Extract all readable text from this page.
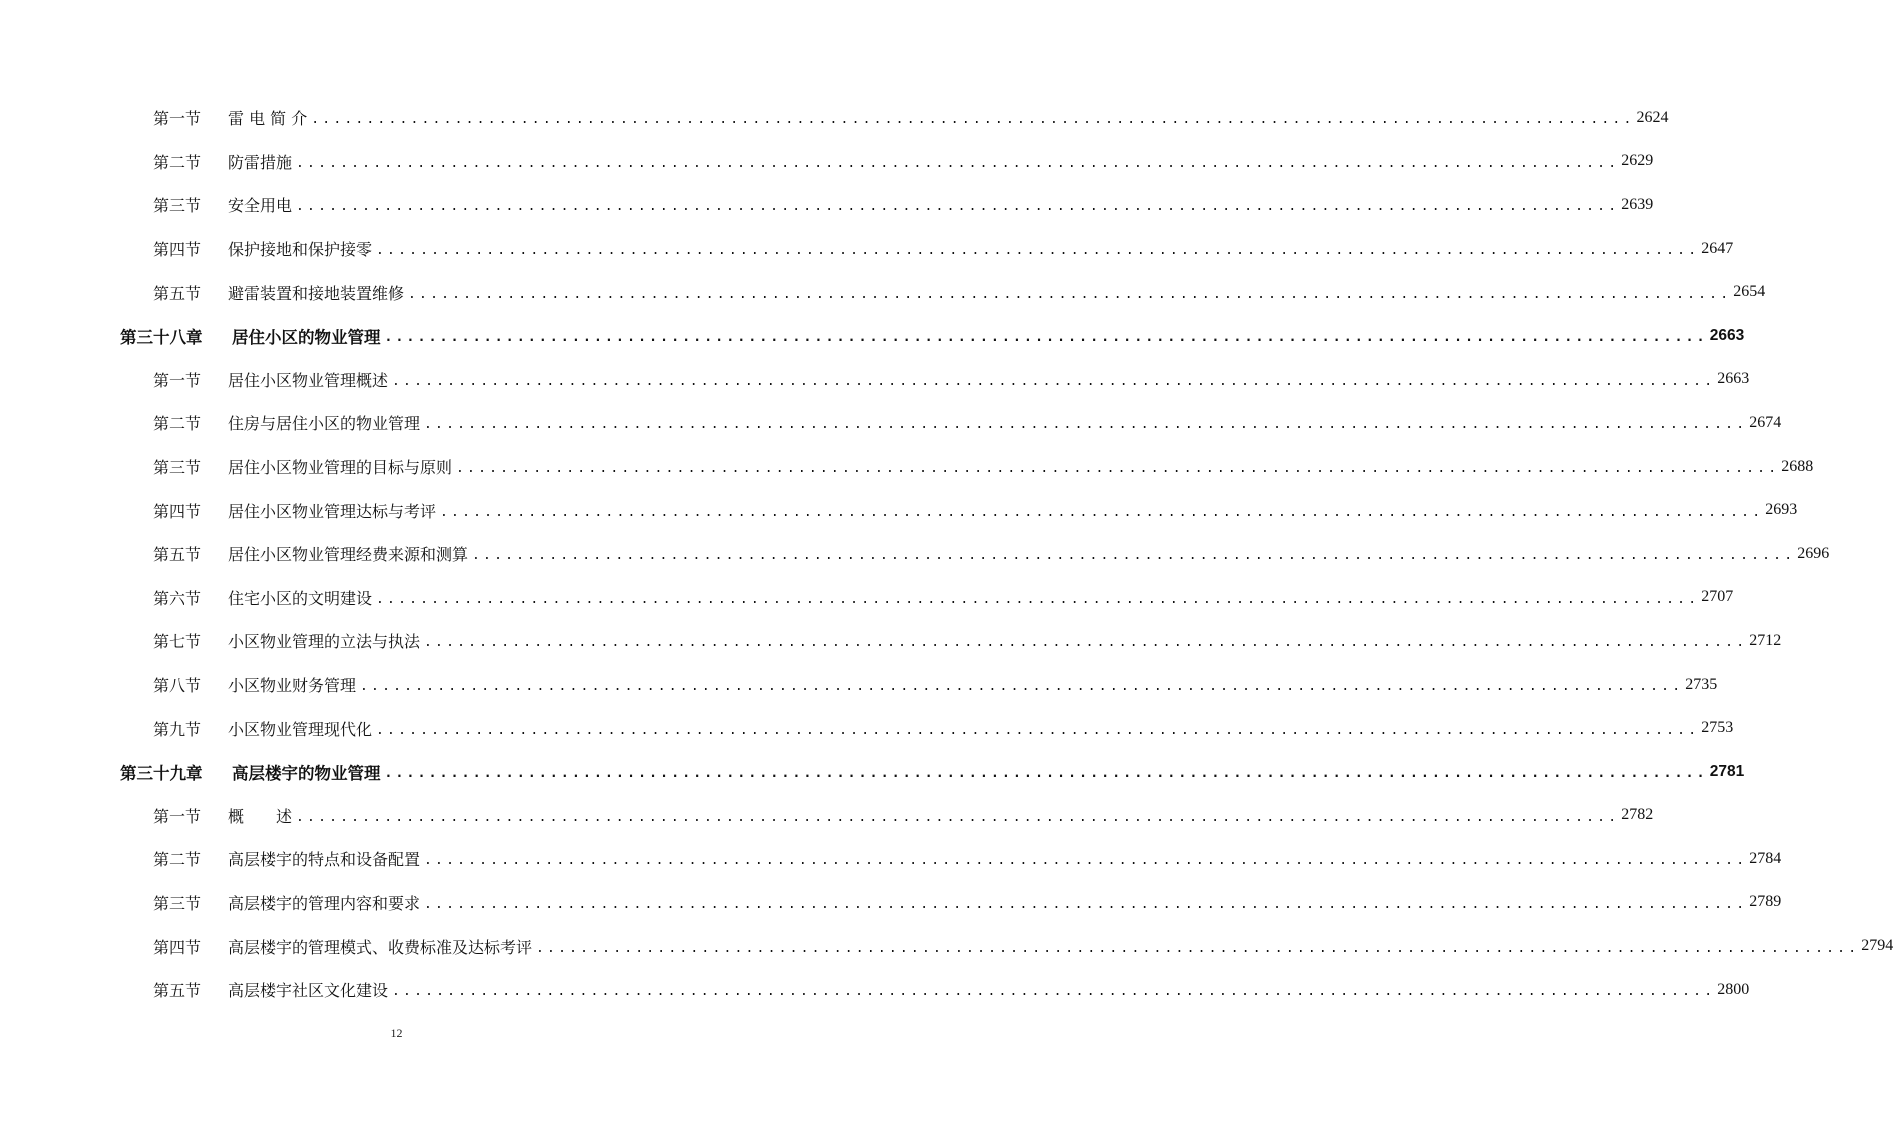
第一节	雷 电 简 介 ........................................................................................................................ 2624
第二节	防雷措施 ........................................................................................................................ 2629
第三节	安全用电 ........................................................................................................................ 2639
第四节	保护接地和保护接零 ........................................................................................................................ 2647
第五节	避雷装置和接地装置维修 ........................................................................................................................ 2654
第三十八章	居住小区的物业管理 ........................................................................................................................ 2663
第一节	居住小区物业管理概述 ........................................................................................................................ 2663
第二节	住房与居住小区的物业管理 ........................................................................................................................ 2674
第三节	居住小区物业管理的目标与原则 ........................................................................................................................ 2688
第四节	居住小区物业管理达标与考评 ........................................................................................................................ 2693
第五节	居住小区物业管理经费来源和测算 ........................................................................................................................ 2696
第六节	住宅小区的文明建设 ........................................................................................................................ 2707
第七节	小区物业管理的立法与执法 ........................................................................................................................ 2712
第八节	小区物业财务管理 ........................................................................................................................ 2735
第九节	小区物业管理现代化 ........................................................................................................................ 2753
第三十九章	高层楼宇的物业管理 ........................................................................................................................ 2781
第一节	概　　述 ........................................................................................................................ 2782
第二节	高层楼宇的特点和设备配置 ........................................................................................................................ 2784
第三节	高层楼宇的管理内容和要求 ........................................................................................................................ 2789
第四节	高层楼宇的管理模式、收费标准及达标考评 ........................................................................................................................ 2794
第五节	高层楼宇社区文化建设 ........................................................................................................................ 2800
12
